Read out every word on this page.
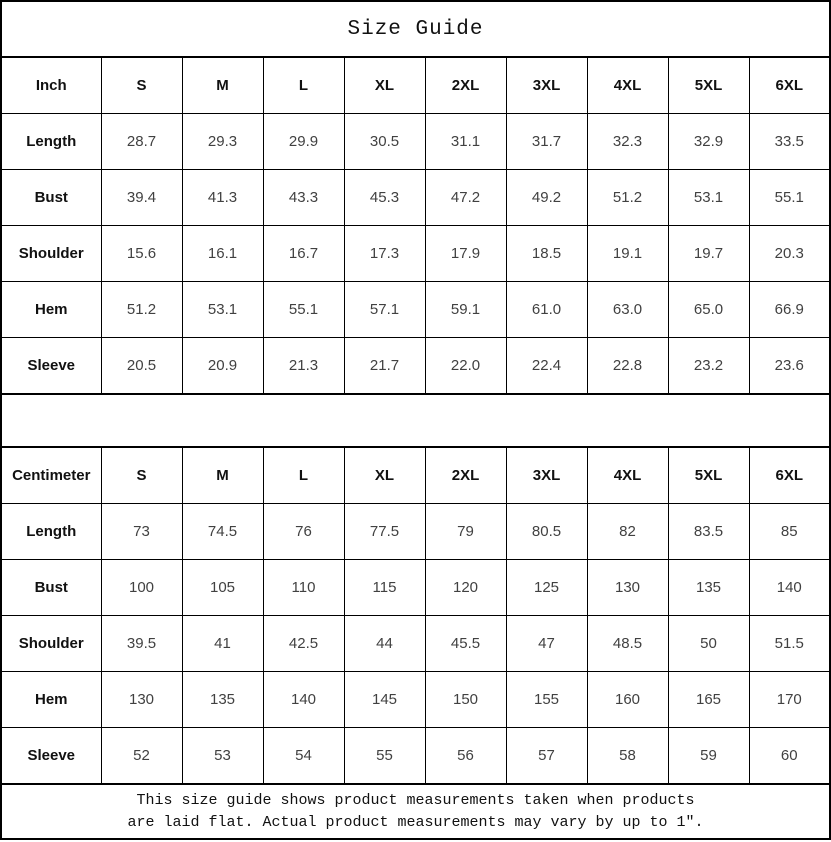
Size Guide
Inch	S	M	L	XL	2XL	3XL	4XL	5XL	6XL
Length	28.7	29.3	29.9	30.5	31.1	31.7	32.3	32.9	33.5
Bust	39.4	41.3	43.3	45.3	47.2	49.2	51.2	53.1	55.1
Shoulder	15.6	16.1	16.7	17.3	17.9	18.5	19.1	19.7	20.3
Hem	51.2	53.1	55.1	57.1	59.1	61.0	63.0	65.0	66.9
Sleeve	20.5	20.9	21.3	21.7	22.0	22.4	22.8	23.2	23.6
Centimeter	S	M	L	XL	2XL	3XL	4XL	5XL	6XL
Length	73	74.5	76	77.5	79	80.5	82	83.5	85
Bust	100	105	110	115	120	125	130	135	140
Shoulder	39.5	41	42.5	44	45.5	47	48.5	50	51.5
Hem	130	135	140	145	150	155	160	165	170
Sleeve	52	53	54	55	56	57	58	59	60
This size guide shows product measurements taken when products
are laid flat. Actual product measurements may vary by up to 1″.
